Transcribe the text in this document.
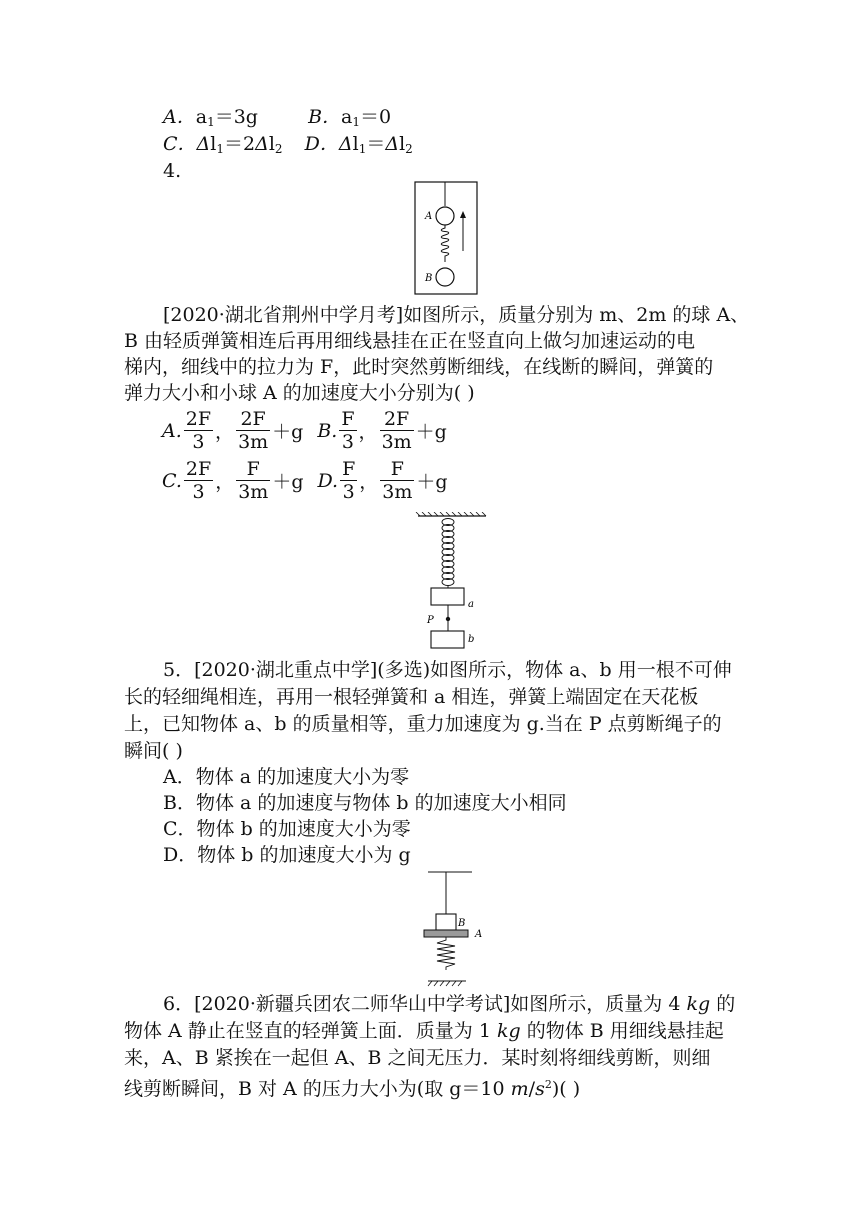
A．$a_1=3g$	B．$a_1=0$
C．$\Delta l_1=2\Delta l_2$ D．$\Delta l_1=\Delta l_2$
4.
A
B
[2020·湖北省荆州中学月考]如图所示，质量分别为 m、2m 的球 A、
B 由轻质弹簧相连后再用细线悬挂在正在竖直向上做匀加速运动的电
梯内，细线中的拉力为 F，此时突然剪断细线，在线断的瞬间，弹簧的
弹力大小和小球 A 的加速度大小分别为( )
A. $\frac{2F}{3}$ ， $\frac{2F}{3m} +g$ B. $\frac{F}{3}$ ， $\frac{2F}{3m} +g$
C. $\frac{2F}{3}$ ， $\frac{F}{3m} +g$ D. $\frac{F}{3}$ ， $\frac{F}{3m} +g$
a
P
b
5．[2020·湖北重点中学](多选)如图所示，物体 a、b 用一根不可伸
长的轻细绳相连，再用一根轻弹簧和 a 相连，弹簧上端固定在天花板
上，已知物体 a、b 的质量相等，重力加速度为 g.当在 P 点剪断绳子的
瞬间( )
A．物体 a 的加速度大小为零
B．物体 a 的加速度与物体 b 的加速度大小相同
C．物体 b 的加速度大小为零
D．物体 b 的加速度大小为 g
B
A
6．[2020·新疆兵团农二师华山中学考试]如图所示，质量为 4 kg 的
物体 A 静止在竖直的轻弹簧上面．质量为 1 kg 的物体 B 用细线悬挂起
来，A、B 紧挨在一起但 A、B 之间无压力．某时刻将细线剪断，则细
线剪断瞬间，B 对 A 的压力大小为(取 g＝10 $m/s^2$)( )
